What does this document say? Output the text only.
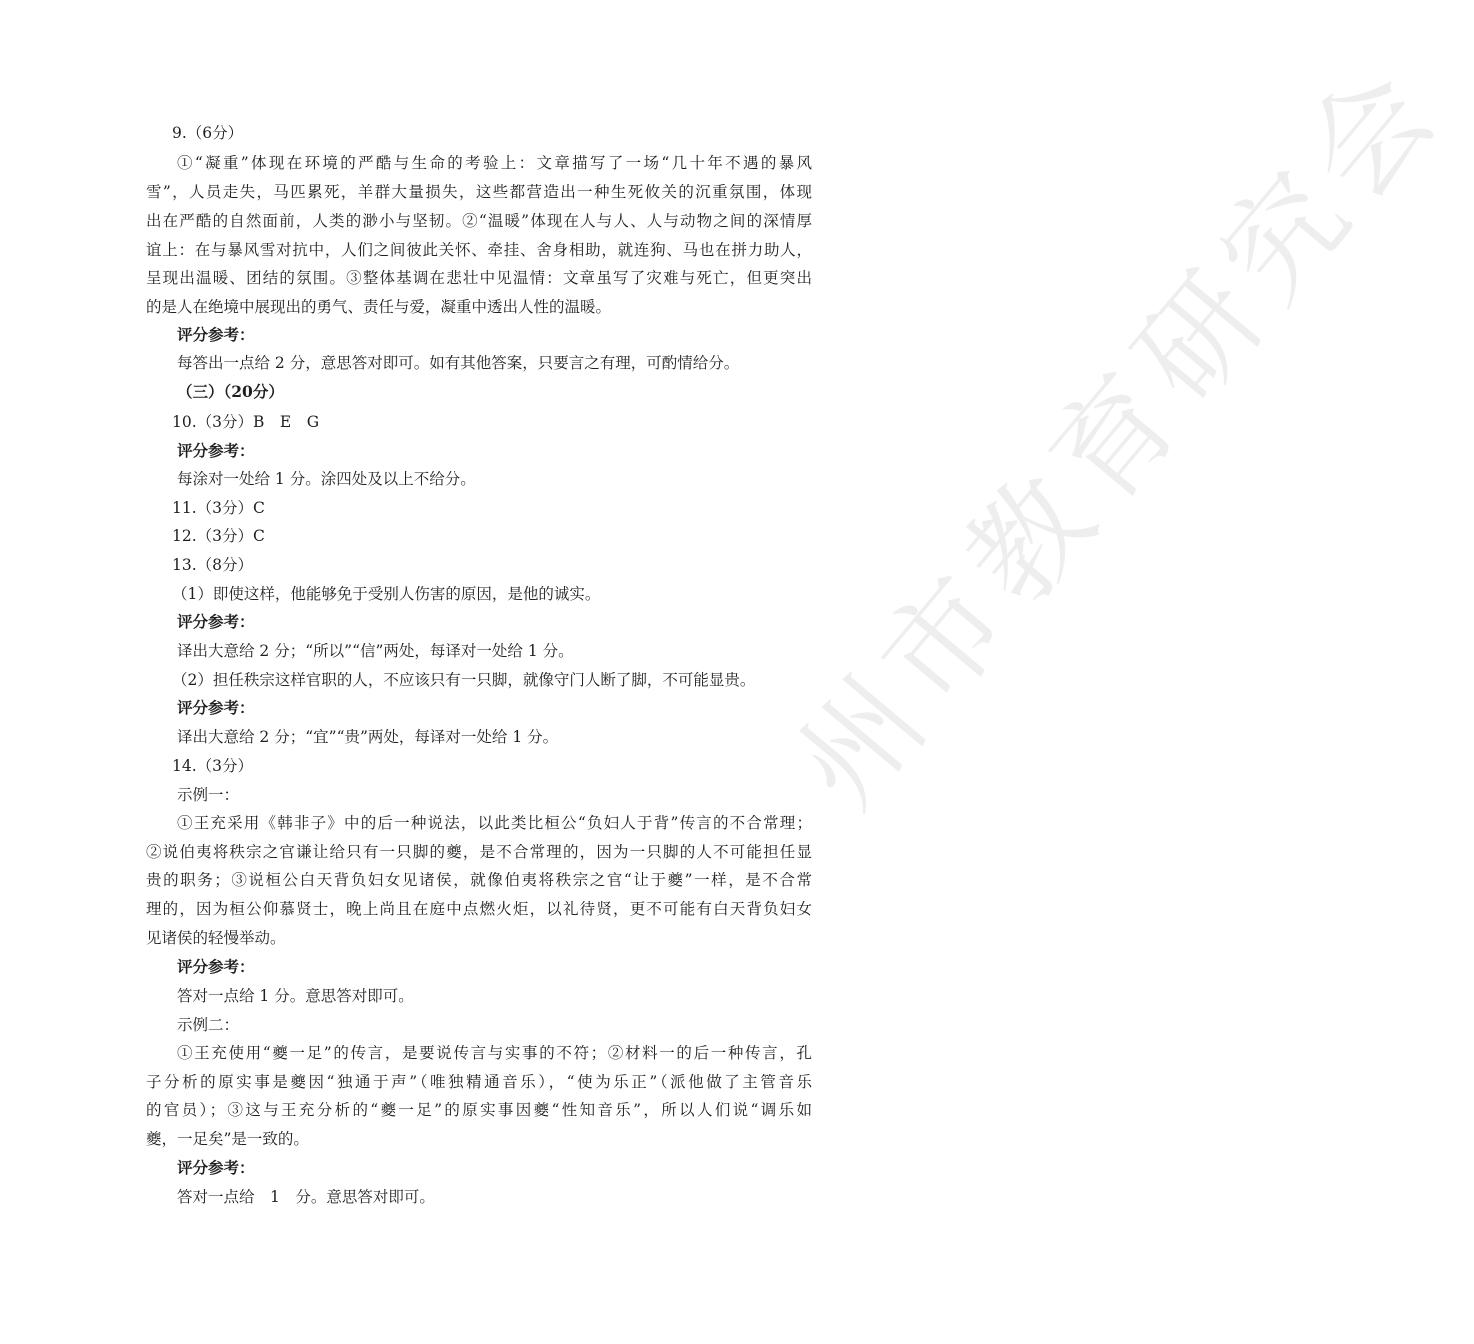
州市教育研究会
9.（6分）
①“凝重”体现在环境的严酷与生命的考验上：文章描写了一场“几十年不遇的暴风
雪”，人员走失，马匹累死，羊群大量损失，这些都营造出一种生死攸关的沉重氛围，体现
出在严酷的自然面前，人类的渺小与坚韧。②“温暖”体现在人与人、人与动物之间的深情厚
谊上：在与暴风雪对抗中，人们之间彼此关怀、牵挂、舍身相助，就连狗、马也在拼力助人，
呈现出温暖、团结的氛围。③整体基调在悲壮中见温情：文章虽写了灾难与死亡，但更突出
的是人在绝境中展现出的勇气、责任与爱，凝重中透出人性的温暖。
评分参考：
每答出一点给 2 分，意思答对即可。如有其他答案，只要言之有理，可酌情给分。
（三）（20分）
10.（3分）B　E　G
评分参考：
每涂对一处给 1 分。涂四处及以上不给分。
11.（3分）C
12.（3分）C
13.（8分）
（1）即使这样，他能够免于受别人伤害的原因，是他的诚实。
评分参考：
译出大意给 2 分；“所以”“信”两处，每译对一处给 1 分。
（2）担任秩宗这样官职的人，不应该只有一只脚，就像守门人断了脚，不可能显贵。
评分参考：
译出大意给 2 分；“宜”“贵”两处，每译对一处给 1 分。
14.（3分）
示例一：
①王充采用《韩非子》中的后一种说法，以此类比桓公“负妇人于背”传言的不合常理；
②说伯夷将秩宗之官谦让给只有一只脚的夔，是不合常理的，因为一只脚的人不可能担任显
贵的职务；③说桓公白天背负妇女见诸侯，就像伯夷将秩宗之官“让于夔”一样，是不合常
理的，因为桓公仰慕贤士，晚上尚且在庭中点燃火炬，以礼待贤，更不可能有白天背负妇女
见诸侯的轻慢举动。
评分参考：
答对一点给 1 分。意思答对即可。
示例二：
①王充使用“夔一足”的传言，是要说传言与实事的不符；②材料一的后一种传言，孔
子分析的原实事是夔因“独通于声”（唯独精通音乐），“使为乐正”（派他做了主管音乐
的官员）；③这与王充分析的“夔一足”的原实事因夔“性知音乐”，所以人们说“调乐如
夔，一足矣”是一致的。
评分参考：
答对一点给　1　分。意思答对即可。
